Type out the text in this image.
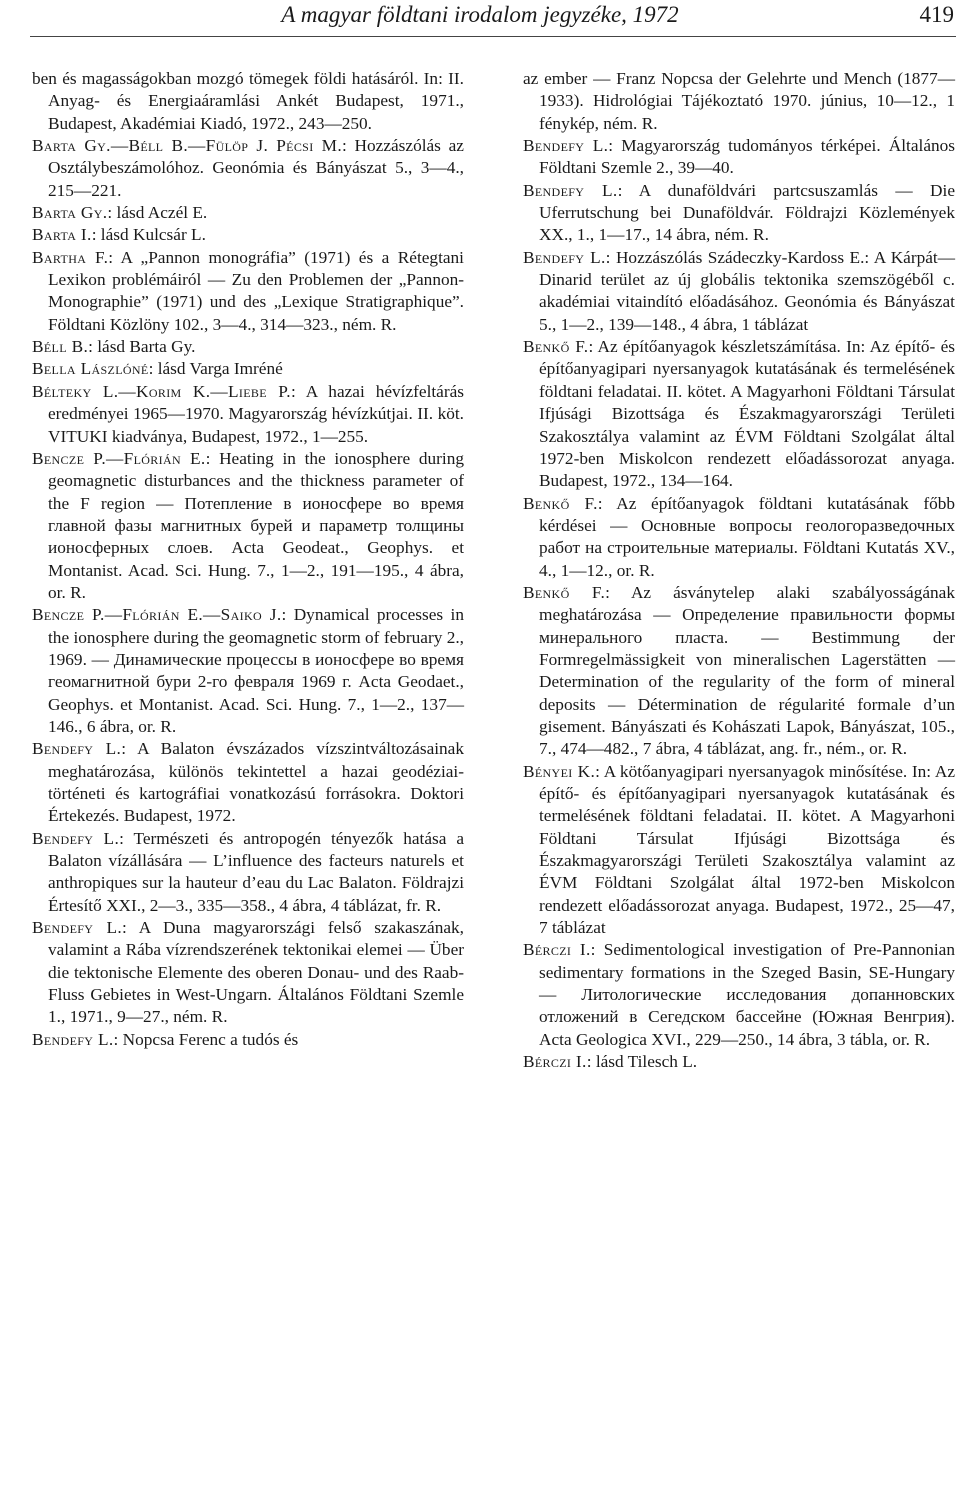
A magyar földtani irodalom jegyzéke, 1972	419

ben és magasságokban mozgó tömegek földi hatásáról. In: II. Anyag- és Energiaáramlási Ankét Budapest, 1971., Budapest, Akadémiai Kiadó, 1972., 243—250.

Barta Gy.—Béll B.—Fülöp J. Pécsi M.: Hozzászólás az Osztálybeszámolóhoz. Geonómia és Bányászat 5., 3—4., 215—221.

Barta Gy.: lásd Aczél E.

Barta I.: lásd Kulcsár L.

Bartha F.: A „Pannon monográfia” (1971) és a Rétegtani Lexikon problémáiról — Zu den Problemen der „Pannon-Monographie” (1971) und des „Lexique Stratigraphique”. Földtani Közlöny 102., 3—4., 314—323., ném. R.

Béll B.: lásd Barta Gy.

Bella Lászlóné: lásd Varga Imréné

Bélteky L.—Korim K.—Liebe P.: A hazai hévízfeltárás eredményei 1965—1970. Magyarország hévízkútjai. II. köt. VITUKI kiadványa, Budapest, 1972., 1—255.

Bencze P.—Flórián E.: Heating in the ionosphere during geomagnetic disturbances and the thickness parameter of the F region — Потепление в ионосфере во время главной фазы магнитных бурей и параметр толщины ионосферных слоев. Acta Geodeat., Geophys. et Montanist. Acad. Sci. Hung. 7., 1—2., 191—195., 4 ábra, or. R.

Bencze P.—Flórián E.—Saiko J.: Dynamical processes in the ionosphere during the geomagnetic storm of february 2., 1969. — Динамические процессы в ионосфере во время геомагнитной бури 2-го февраля 1969 г. Acta Geodaet., Geophys. et Montanist. Acad. Sci. Hung. 7., 1—2., 137—146., 6 ábra, or. R.

Bendefy L.: A Balaton évszázados vízszintváltozásainak meghatározása, különös tekintettel a hazai geodéziai-történeti és kartográfiai vonatkozású forrásokra. Doktori Értekezés. Budapest, 1972.

Bendefy L.: Természeti és antropogén tényezők hatása a Balaton vízállására — L’influence des facteurs naturels et anthropiques sur la hauteur d’eau du Lac Balaton. Földrajzi Értesítő XXI., 2—3., 335—358., 4 ábra, 4 táblázat, fr. R.

Bendefy L.: A Duna magyarországi felső szakaszának, valamint a Rába vízrendszerének tektonikai elemei — Über die tektonische Elemente des oberen Donau- und des Raab-Fluss Gebietes in West-Ungarn. Általános Földtani Szemle 1., 1971., 9—27., ném. R.

Bendefy L.: Nopcsa Ferenc a tudós és

az ember — Franz Nopcsa der Gelehrte und Mench (1877—1933). Hidrológiai Tájékoztató 1970. június, 10—12., 1 fénykép, ném. R.

Bendefy L.: Magyarország tudományos térképei. Általános Földtani Szemle 2., 39—40.

Bendefy L.: A dunaföldvári partcsuszamlás — Die Uferrutschung bei Dunaföldvár. Földrajzi Közlemények XX., 1., 1—17., 14 ábra, ném. R.

Bendefy L.: Hozzászólás Szádeczky-Kardoss E.: A Kárpát—Dinarid terület az új globális tektonika szemszögéből c. akadémiai vitaindító előadásához. Geonómia és Bányászat 5., 1—2., 139—148., 4 ábra, 1 táblázat

Benkő F.: Az építőanyagok készletszámítása. In: Az építő- és építőanyagipari nyersanyagok kutatásának és termelésének földtani feladatai. II. kötet. A Magyarhoni Földtani Társulat Ifjúsági Bizottsága és Északmagyarországi Területi Szakosztálya valamint az ÉVM Földtani Szolgálat által 1972-ben Miskolcon rendezett előadássorozat anyaga. Budapest, 1972., 134—164.

Benkő F.: Az építőanyagok földtani kutatásának főbb kérdései — Основные вопросы геологоразведочных работ на строительные материалы. Földtani Kutatás XV., 4., 1—12., or. R.

Benkő F.: Az ásványtelep alaki szabályosságának meghatározása — Определение правильности формы минерального пласта. — Bestimmung der Formregelmässigkeit von mineralischen Lagerstätten — Determination of the regularity of the form of mineral deposits — Détermination de régularité formale d’un gisement. Bányászati és Kohászati Lapok, Bányászat, 105., 7., 474—482., 7 ábra, 4 táblázat, ang. fr., ném., or. R.

Bényei K.: A kötőanyagipari nyersanyagok minősítése. In: Az építő- és építőanyagipari nyersanyagok kutatásának és termelésének földtani feladatai. II. kötet. A Magyarhoni Földtani Társulat Ifjúsági Bizottsága és Északmagyarországi Területi Szakosztálya valamint az ÉVM Földtani Szolgálat által 1972-ben Miskolcon rendezett előadássorozat anyaga. Budapest, 1972., 25—47, 7 táblázat

Bérczi I.: Sedimentological investigation of Pre-Pannonian sedimentary formations in the Szeged Basin, SE-Hungary — Литологические исследования допанновских отложений в Сегедском бассейне (Южная Венгрия). Acta Geologica XVI., 229—250., 14 ábra, 3 tábla, or. R.

Bérczi I.: lásd Tilesch L.
